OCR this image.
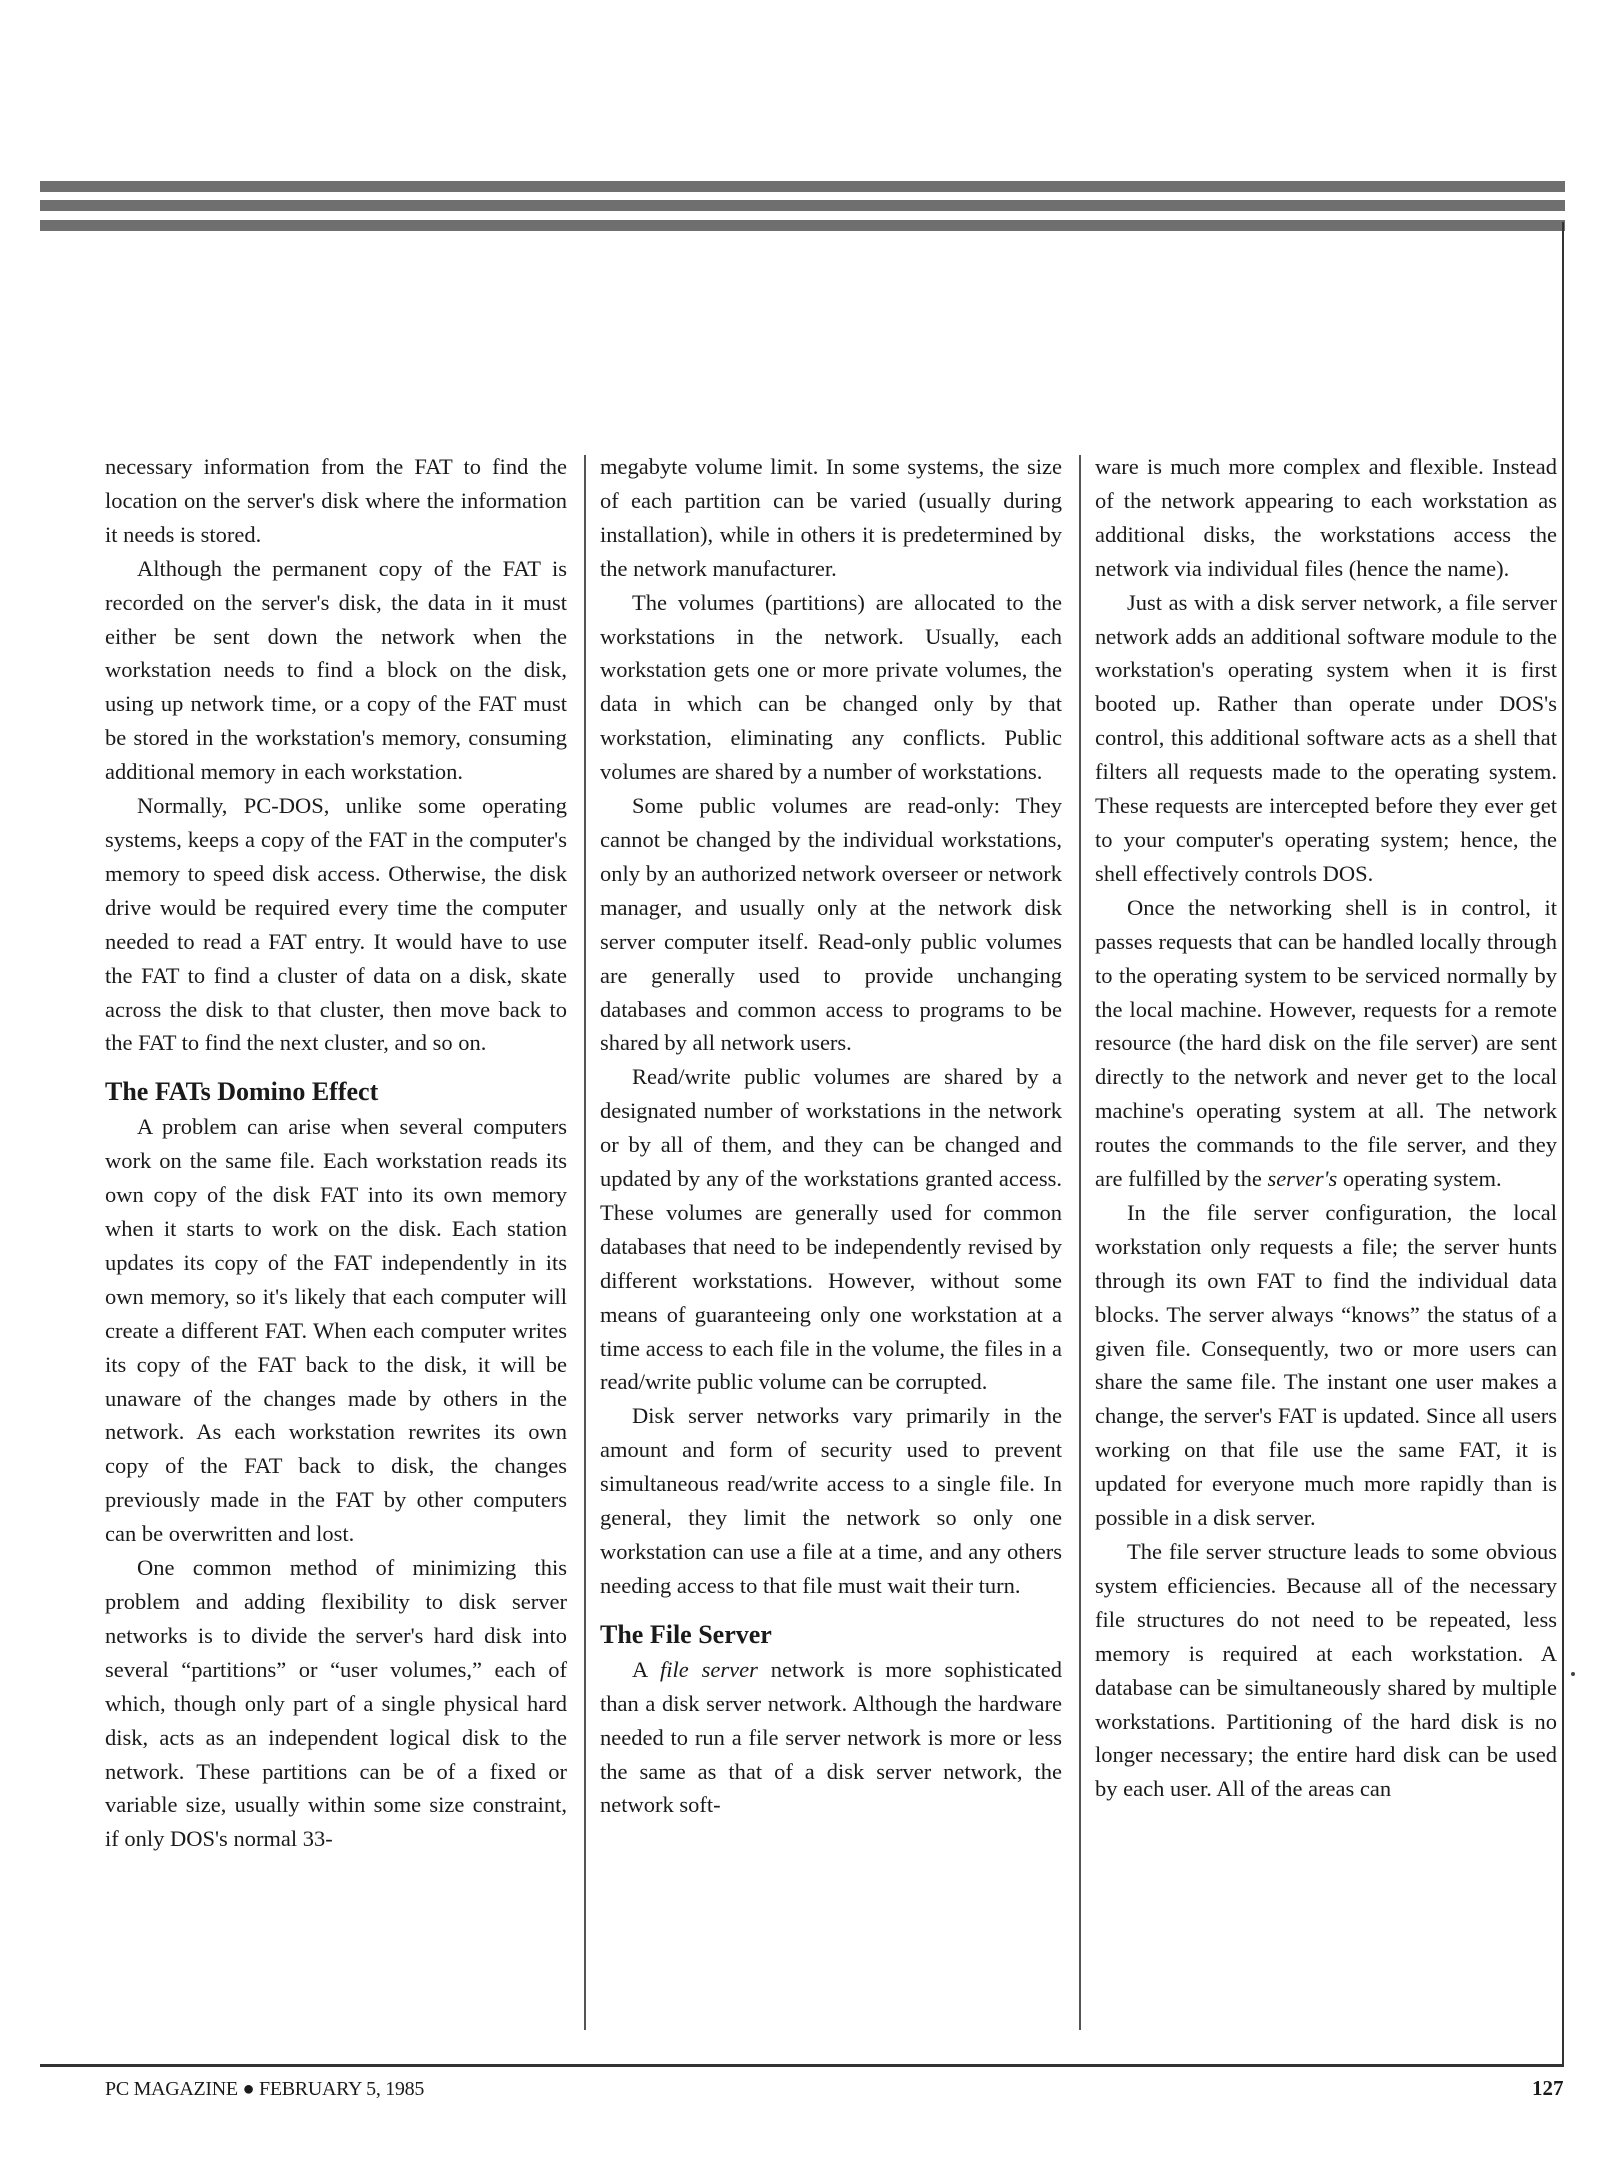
necessary information from the FAT to find the location on the server's disk where the information it needs is stored.

Although the permanent copy of the FAT is recorded on the server's disk, the data in it must either be sent down the network when the workstation needs to find a block on the disk, using up network time, or a copy of the FAT must be stored in the workstation's memory, consuming additional memory in each workstation.

Normally, PC-DOS, unlike some operating systems, keeps a copy of the FAT in the computer's memory to speed disk access. Otherwise, the disk drive would be required every time the computer needed to read a FAT entry. It would have to use the FAT to find a cluster of data on a disk, skate across the disk to that cluster, then move back to the FAT to find the next cluster, and so on.

The FATs Domino Effect

A problem can arise when several computers work on the same file. Each workstation reads its own copy of the disk FAT into its own memory when it starts to work on the disk. Each station updates its copy of the FAT independently in its own memory, so it's likely that each computer will create a different FAT. When each computer writes its copy of the FAT back to the disk, it will be unaware of the changes made by others in the network. As each workstation rewrites its own copy of the FAT back to disk, the changes previously made in the FAT by other computers can be overwritten and lost.

One common method of minimizing this problem and adding flexibility to disk server networks is to divide the server's hard disk into several “partitions” or “user volumes,” each of which, though only part of a single physical hard disk, acts as an independent logical disk to the network. These partitions can be of a fixed or variable size, usually within some size constraint, if only DOS's normal 33-

megabyte volume limit. In some systems, the size of each partition can be varied (usually during installation), while in others it is predetermined by the network manufacturer.

The volumes (partitions) are allocated to the workstations in the network. Usually, each workstation gets one or more private volumes, the data in which can be changed only by that workstation, eliminating any conflicts. Public volumes are shared by a number of workstations.

Some public volumes are read-only: They cannot be changed by the individual workstations, only by an authorized network overseer or network manager, and usually only at the network disk server computer itself. Read-only public volumes are generally used to provide unchanging databases and common access to programs to be shared by all network users.

Read/write public volumes are shared by a designated number of workstations in the network or by all of them, and they can be changed and updated by any of the workstations granted access. These volumes are generally used for common databases that need to be independently revised by different workstations. However, without some means of guaranteeing only one workstation at a time access to each file in the volume, the files in a read/write public volume can be corrupted.

Disk server networks vary primarily in the amount and form of security used to prevent simultaneous read/write access to a single file. In general, they limit the network so only one workstation can use a file at a time, and any others needing access to that file must wait their turn.

The File Server

A file server network is more sophisticated than a disk server network. Although the hardware needed to run a file server network is more or less the same as that of a disk server network, the network soft-

ware is much more complex and flexible. Instead of the network appearing to each workstation as additional disks, the workstations access the network via individual files (hence the name).

Just as with a disk server network, a file server network adds an additional software module to the workstation's operating system when it is first booted up. Rather than operate under DOS's control, this additional software acts as a shell that filters all requests made to the operating system. These requests are intercepted before they ever get to your computer's operating system; hence, the shell effectively controls DOS.

Once the networking shell is in control, it passes requests that can be handled locally through to the operating system to be serviced normally by the local machine. However, requests for a remote resource (the hard disk on the file server) are sent directly to the network and never get to the local machine's operating system at all. The network routes the commands to the file server, and they are fulfilled by the server's operating system.

In the file server configuration, the local workstation only requests a file; the server hunts through its own FAT to find the individual data blocks. The server always “knows” the status of a given file. Consequently, two or more users can share the same file. The instant one user makes a change, the server's FAT is updated. Since all users working on that file use the same FAT, it is updated for everyone much more rapidly than is possible in a disk server.

The file server structure leads to some obvious system efficiencies. Because all of the necessary file structures do not need to be repeated, less memory is required at each workstation. A database can be simultaneously shared by multiple workstations. Partitioning of the hard disk is no longer necessary; the entire hard disk can be used by each user. All of the areas can

PC MAGAZINE ● FEBRUARY 5, 1985	127
